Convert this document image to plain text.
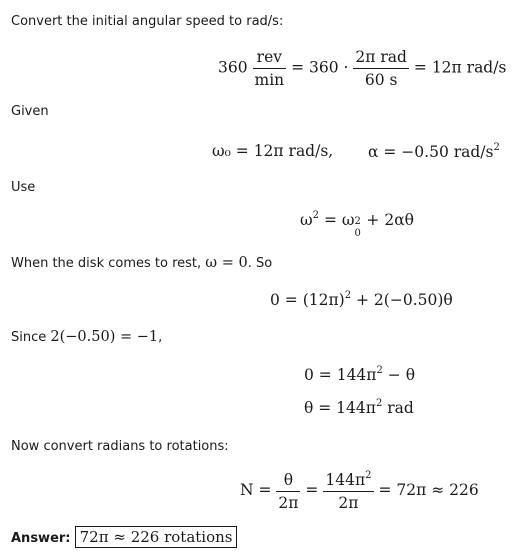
Convert the initial angular speed to rad/s:
$360 \frac{\text{rev}}{\min} = 360 \cdot \frac{\text{2π rad}}{60 s} = 12\pi$ rad/s
Given
ω₀ = 12π rad/s, α = −0.50 rad/$s^2$
Use
$\omega^2 = \omega$ 2
0
+ 2αθ
When the disk comes to rest, ω = 0. So
$0 = (12\pi)^2 + 2(-0.50)\theta$
Since 2(−0.50) = −1,
$0 = 144\pi^2 - \theta$
$\theta = 144\pi^2$ rad
Now convert radians to rotations:
$N = \frac{\theta}{2\pi} = \frac{144\pi^2}{2\pi} = 72\pi \approx 226$
Answer: 72π ≈ 226 rotations
